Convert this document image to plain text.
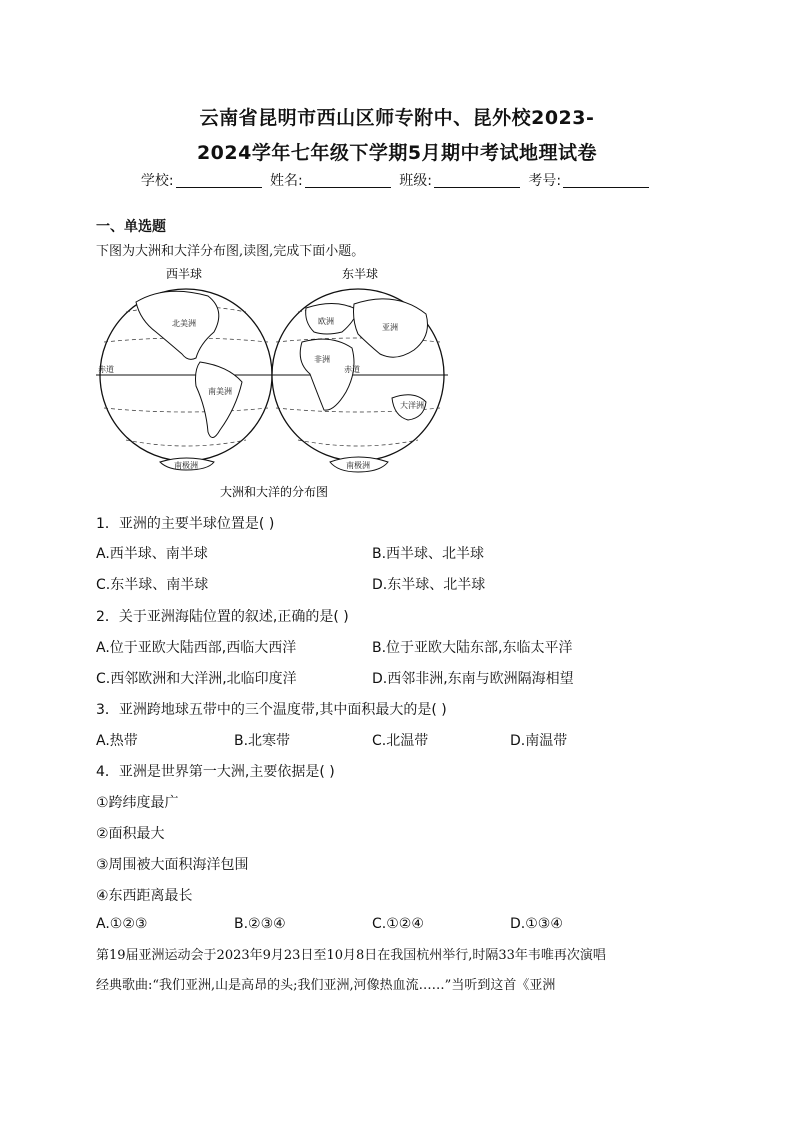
云南省昆明市西山区师专附中、昆外校2023-
2024学年七年级下学期5月期中考试地理试卷
学校:	姓名:	班级:	考号:
一、单选题
下图为大洲和大洋分布图,读图,完成下面小题。
西半球	东半球
北美洲
南美洲
欧洲
亚洲
非洲
大洋洲
南极洲	南极洲
赤道	赤道
大洲和大洋的分布图
1．亚洲的主要半球位置是( )
A.西半球、南半球	B.西半球、北半球
C.东半球、南半球	D.东半球、北半球
2．关于亚洲海陆位置的叙述,正确的是( )
A.位于亚欧大陆西部,西临大西洋	B.位于亚欧大陆东部,东临太平洋
C.西邻欧洲和大洋洲,北临印度洋	D.西邻非洲,东南与欧洲隔海相望
3．亚洲跨地球五带中的三个温度带,其中面积最大的是( )
A.热带	B.北寒带	C.北温带	D.南温带
4．亚洲是世界第一大洲,主要依据是( )
①跨纬度最广
②面积最大
③周围被大面积海洋包围
④东西距离最长
A.①②③	B.②③④	C.①②④	D.①③④
第19届亚洲运动会于2023年9月23日至10月8日在我国杭州举行,时隔33年韦唯再次演唱
经典歌曲:“我们亚洲,山是高昂的头;我们亚洲,河像热血流……”当听到这首《亚洲
